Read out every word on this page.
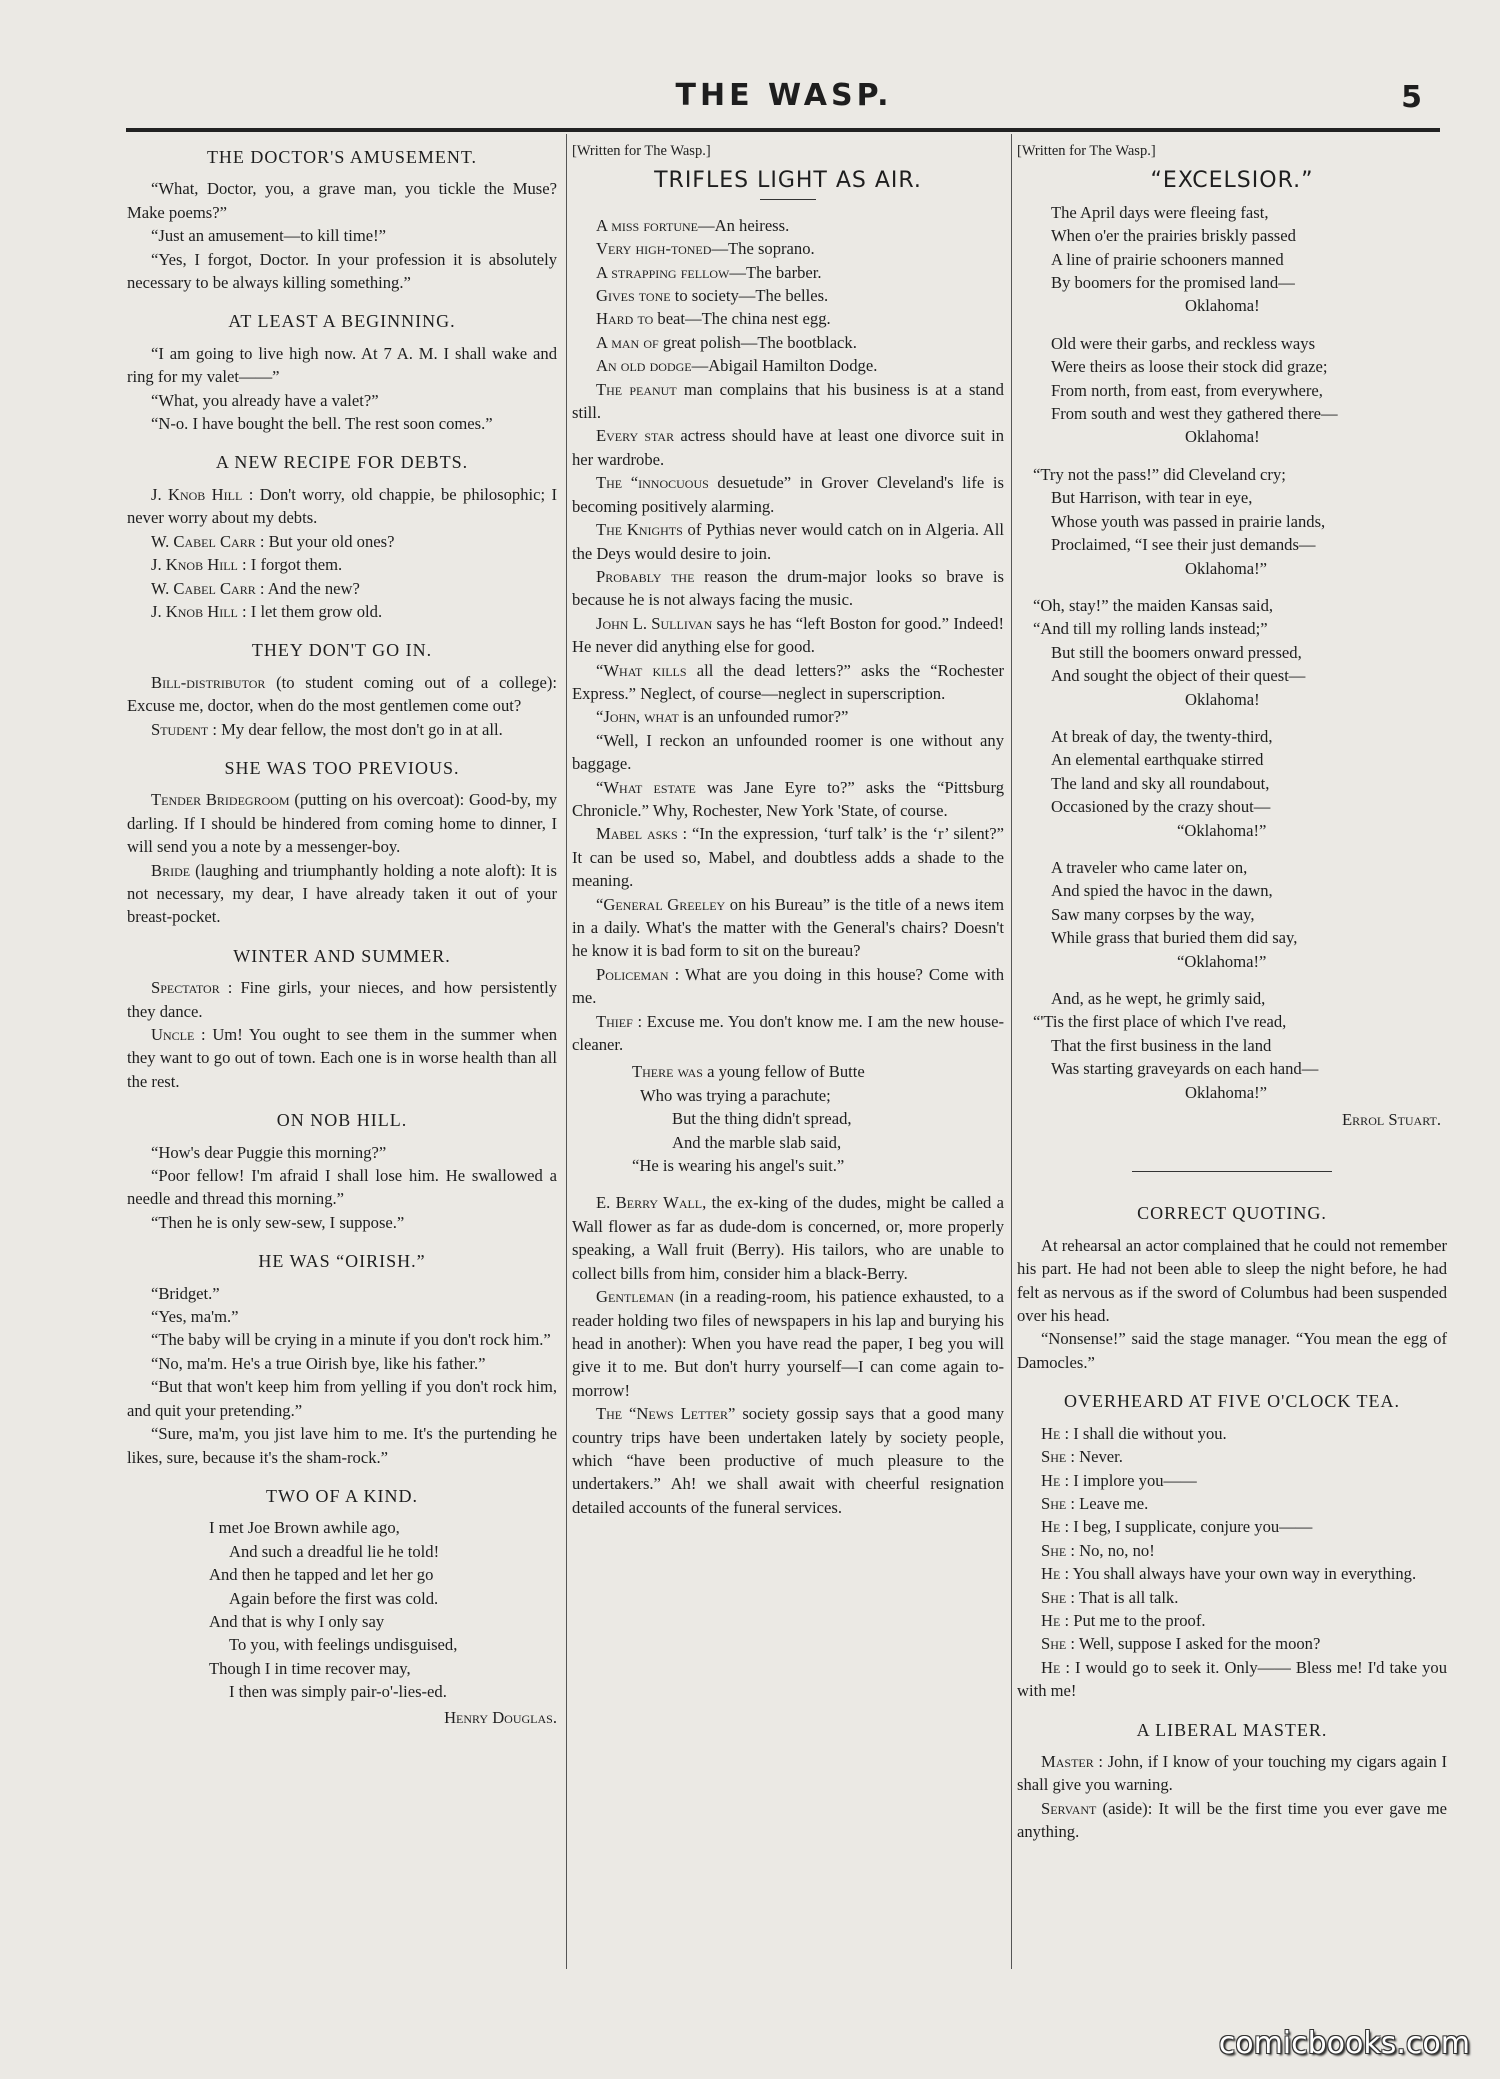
THE WASP.	5
THE DOCTOR'S AMUSEMENT.

“What, Doctor, you, a grave man, you tickle the Muse? Make poems?”

“Just an amusement—to kill time!”

“Yes, I forgot, Doctor. In your profession it is absolutely necessary to be always killing something.”

AT LEAST A BEGINNING.

“I am going to live high now. At 7 A. M. I shall wake and ring for my valet——”

“What, you already have a valet?”

“N-o. I have bought the bell. The rest soon comes.”

A NEW RECIPE FOR DEBTS.

J. Knob Hill : Don't worry, old chappie, be philosophic; I never worry about my debts.

W. Cabel Carr : But your old ones?

J. Knob Hill : I forgot them.

W. Cabel Carr : And the new?

J. Knob Hill : I let them grow old.

THEY DON'T GO IN.

Bill-distributor (to student coming out of a college): Excuse me, doctor, when do the most gentlemen come out?

Student : My dear fellow, the most don't go in at all.

SHE WAS TOO PREVIOUS.

Tender Bridegroom (putting on his overcoat): Good-by, my darling. If I should be hindered from coming home to dinner, I will send you a note by a messenger-boy.

Bride (laughing and triumphantly holding a note aloft): It is not necessary, my dear, I have already taken it out of your breast-pocket.

WINTER AND SUMMER.

Spectator : Fine girls, your nieces, and how persistently they dance.

Uncle : Um! You ought to see them in the summer when they want to go out of town. Each one is in worse health than all the rest.

ON NOB HILL.

“How's dear Puggie this morning?”

“Poor fellow! I'm afraid I shall lose him. He swallowed a needle and thread this morning.”

“Then he is only sew-sew, I suppose.”

HE WAS “OIRISH.”

“Bridget.”

“Yes, ma'm.”

“The baby will be crying in a minute if you don't rock him.”

“No, ma'm. He's a true Oirish bye, like his father.”

“But that won't keep him from yelling if you don't rock him, and quit your pretending.”

“Sure, ma'm, you jist lave him to me. It's the purtending he likes, sure, because it's the sham-rock.”

TWO OF A KIND.
I met Joe Brown awhile ago,
And such a dreadful lie he told!
And then he tapped and let her go
Again before the first was cold.
And that is why I only say
To you, with feelings undisguised,
Though I in time recover may,
I then was simply pair-o'-lies-ed.
Henry Douglas.

[Written for The Wasp.]

TRIFLES LIGHT AS AIR.

A miss fortune—An heiress.

Very high-toned—The soprano.

A strapping fellow—The barber.

Gives tone to society—The belles.

Hard to beat—The china nest egg.

A man of great polish—The bootblack.

An old dodge—Abigail Hamilton Dodge.

The peanut man complains that his business is at a stand still.

Every star actress should have at least one divorce suit in her wardrobe.

The “innocuous desuetude” in Grover Cleveland's life is becoming positively alarming.

The Knights of Pythias never would catch on in Algeria. All the Deys would desire to join.

Probably the reason the drum-major looks so brave is because he is not always facing the music.

John L. Sullivan says he has “left Boston for good.” Indeed! He never did anything else for good.

“What kills all the dead letters?” asks the “Rochester Express.” Neglect, of course—neglect in superscription.

“John, what is an unfounded rumor?”

“Well, I reckon an unfounded roomer is one without any baggage.

“What estate was Jane Eyre to?” asks the “Pittsburg Chronicle.” Why, Rochester, New York 'State, of course.

Mabel asks : “In the expression, ‘turf talk’ is the ‘r’ silent?” It can be used so, Mabel, and doubtless adds a shade to the meaning.

“General Greeley on his Bureau” is the title of a news item in a daily. What's the matter with the General's chairs? Doesn't he know it is bad form to sit on the bureau?

Policeman : What are you doing in this house? Come with me.

Thief : Excuse me. You don't know me. I am the new house-cleaner.

There was a young fellow of Butte
Who was trying a parachute;
But the thing didn't spread,
And the marble slab said,
“He is wearing his angel's suit.”

E. Berry Wall, the ex-king of the dudes, might be called a Wall flower as far as dude-dom is concerned, or, more properly speaking, a Wall fruit (Berry). His tailors, who are unable to collect bills from him, consider him a black-Berry.

Gentleman (in a reading-room, his patience exhausted, to a reader holding two files of newspapers in his lap and burying his head in another): When you have read the paper, I beg you will give it to me. But don't hurry yourself—I can come again to-morrow!

The “News Letter” society gossip says that a good many country trips have been undertaken lately by society people, which “have been productive of much pleasure to the undertakers.” Ah! we shall await with cheerful resignation detailed accounts of the funeral services.

[Written for The Wasp.]

“EXCELSIOR.”
The April days were fleeing fast,
When o'er the prairies briskly passed
A line of prairie schooners manned
By boomers for the promised land—
Oklahoma!
Old were their garbs, and reckless ways
Were theirs as loose their stock did graze;
From north, from east, from everywhere,
From south and west they gathered there—
Oklahoma!
“Try not the pass!” did Cleveland cry;
But Harrison, with tear in eye,
Whose youth was passed in prairie lands,
Proclaimed, “I see their just demands—
Oklahoma!”
“Oh, stay!” the maiden Kansas said,
“And till my rolling lands instead;”
But still the boomers onward pressed,
And sought the object of their quest—
Oklahoma!
At break of day, the twenty-third,
An elemental earthquake stirred
The land and sky all roundabout,
Occasioned by the crazy shout—
“Oklahoma!”
A traveler who came later on,
And spied the havoc in the dawn,
Saw many corpses by the way,
While grass that buried them did say,
“Oklahoma!”
And, as he wept, he grimly said,
“'Tis the first place of which I've read,
That the first business in the land
Was starting graveyards on each hand—
Oklahoma!”
Errol Stuart.
CORRECT QUOTING.

At rehearsal an actor complained that he could not remember his part. He had not been able to sleep the night before, he had felt as nervous as if the sword of Columbus had been suspended over his head.

“Nonsense!” said the stage manager. “You mean the egg of Damocles.”

OVERHEARD AT FIVE O'CLOCK TEA.

He : I shall die without you.

She : Never.

He : I implore you——

She : Leave me.

He : I beg, I supplicate, conjure you——

She : No, no, no!

He : You shall always have your own way in everything.

She : That is all talk.

He : Put me to the proof.

She : Well, suppose I asked for the moon?

He : I would go to seek it. Only—— Bless me! I'd take you with me!

A LIBERAL MASTER.

Master : John, if I know of your touching my cigars again I shall give you warning.

Servant (aside): It will be the first time you ever gave me anything.

comicbooks.com
